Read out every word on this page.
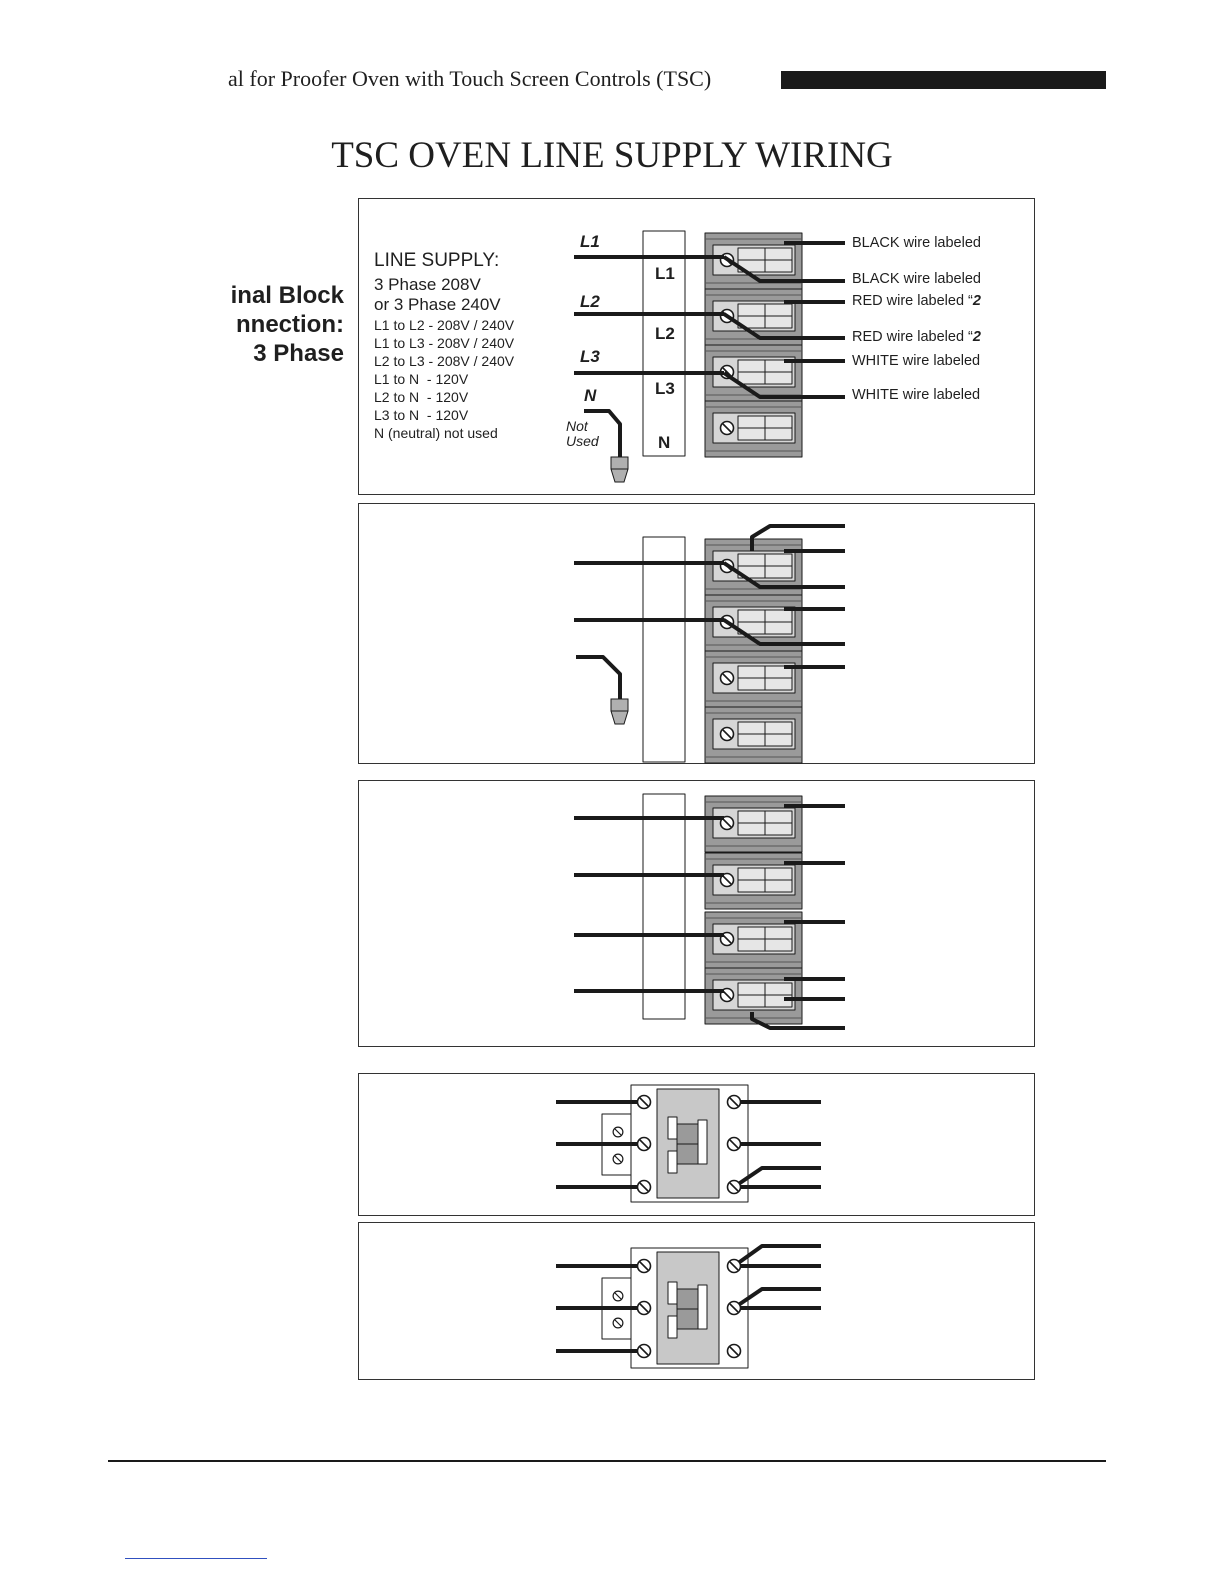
al for Proofer Oven with Touch Screen Controls (TSC)
TSC OVEN LINE SUPPLY WIRING
inal Block
nnection:
3 Phase
LINE SUPPLY:
3 Phase 208V
or 3 Phase 240V
L1 to L2 - 208V / 240V
L1 to L3 - 208V / 240V
L2 to L3 - 208V / 240V
L1 to N  - 120V
L2 to N  - 120V
L3 to N  - 120V
N (neutral) not used
L1
L2
L3
N
L1
L2
L3
N
Not
Used
BLACK wire labeled
BLACK wire labeled
RED wire labeled “2
RED wire labeled “2
WHITE wire labeled
WHITE wire labeled
